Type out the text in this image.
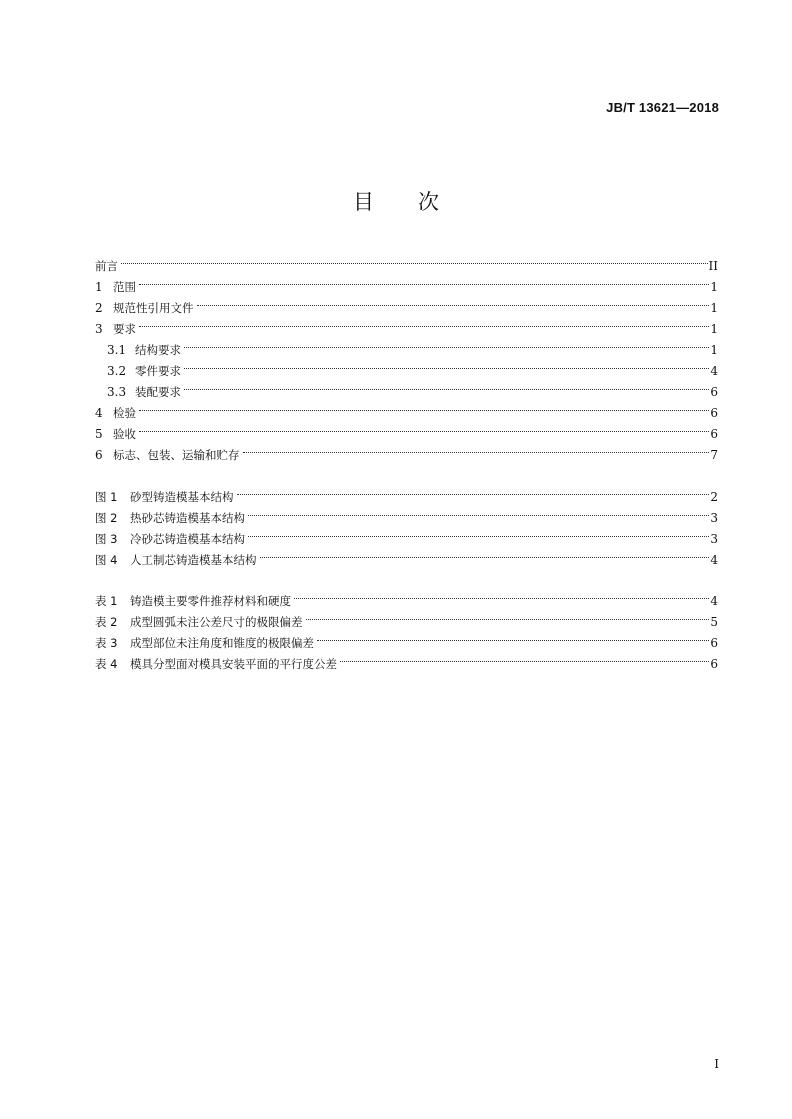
JB/T 13621—2018
目次
前言	II
1 范围	1
2 规范性引用文件	1
3 要求	1
3.1 结构要求	1
3.2 零件要求	4
3.3 装配要求	6
4 检验	6
5 验收	6
6 标志、包装、运输和贮存	7
图 1	砂型铸造模基本结构	2
图 2	热砂芯铸造模基本结构	3
图 3	冷砂芯铸造模基本结构	3
图 4	人工制芯铸造模基本结构	4
表 1	铸造模主要零件推荐材料和硬度	4
表 2	成型圆弧未注公差尺寸的极限偏差	5
表 3	成型部位未注角度和锥度的极限偏差	6
表 4	模具分型面对模具安装平面的平行度公差	6
I
